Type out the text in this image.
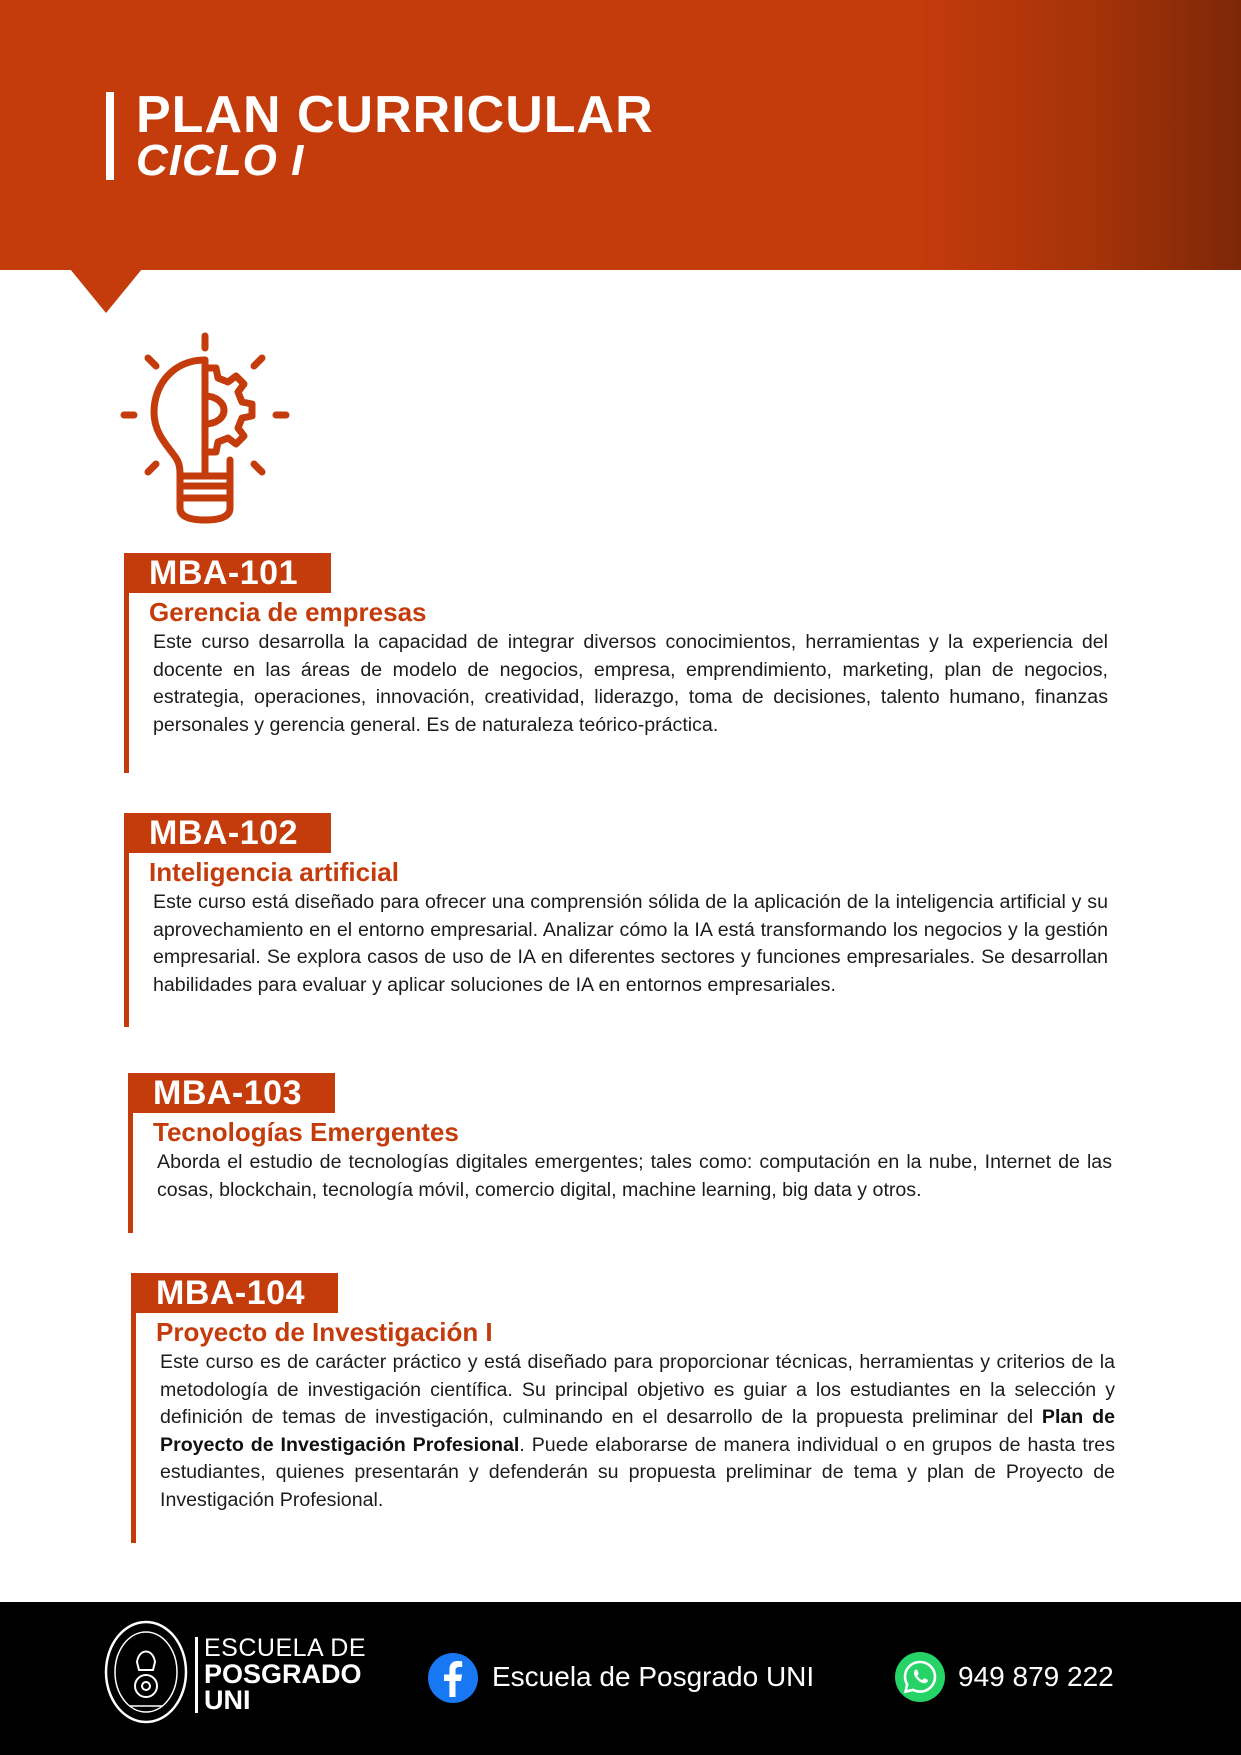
PLAN CURRICULAR
CICLO I
MBA-101
Gerencia de empresas

Este curso desarrolla la capacidad de integrar diversos conocimientos, herramientas y la experiencia del docente en las áreas de modelo de negocios, empresa, emprendimiento, marketing, plan de negocios, estrategia, operaciones, innovación, creatividad, liderazgo, toma de decisiones, talento humano, finanzas personales y gerencia general. Es de naturaleza teórico-práctica.

MBA-102
Inteligencia artificial

Este curso está diseñado para ofrecer una comprensión sólida de la aplicación de la inteligencia artificial y su aprovechamiento en el entorno empresarial. Analizar cómo la IA está transformando los negocios y la gestión empresarial. Se explora casos de uso de IA en diferentes sectores y funciones empresariales. Se desarrollan habilidades para evaluar y aplicar soluciones de IA en entornos empresariales.

MBA-103
Tecnologías Emergentes

Aborda el estudio de tecnologías digitales emergentes; tales como: computación en la nube, Internet de las cosas, blockchain, tecnología móvil, comercio digital, machine learning, big data y otros.

MBA-104
Proyecto de Investigación I

Este curso es de carácter práctico y está diseñado para proporcionar técnicas, herramientas y criterios de la metodología de investigación científica. Su principal objetivo es guiar a los estudiantes en la selección y definición de temas de investigación, culminando en el desarrollo de la propuesta preliminar del Plan de Proyecto de Investigación Profesional. Puede elaborarse de manera individual o en grupos de hasta tres estudiantes, quienes presentarán y defenderán su propuesta preliminar de tema y plan de Proyecto de Investigación Profesional.

ESCUELA DE
POSGRADO
UNI
Escuela de Posgrado UNI	949 879 222
